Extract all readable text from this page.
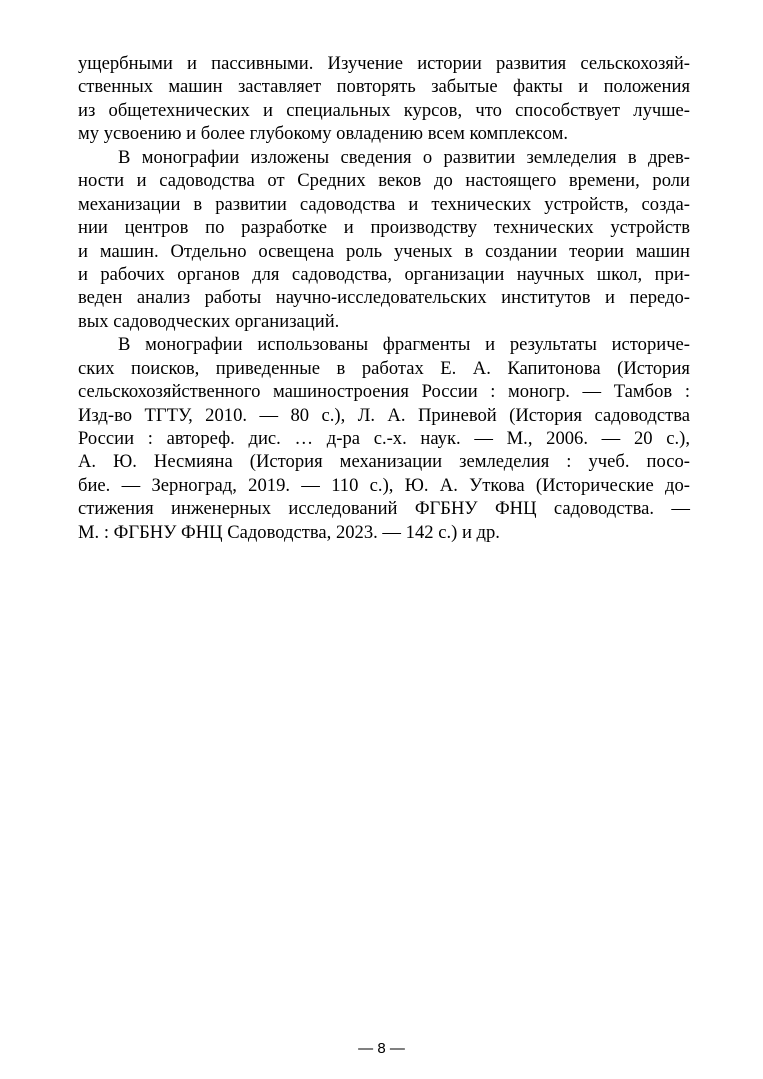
ущербными и пассивными. Изучение истории развития сельскохозяй-
ственных машин заставляет повторять забытые факты и положения
из общетехнических и специальных курсов, что способствует лучше-
му усвоению и более глубокому овладению всем комплексом.
В монографии изложены сведения о развитии земледелия в древ-
ности и садоводства от Средних веков до настоящего времени, роли
механизации в развитии садоводства и технических устройств, созда-
нии центров по разработке и производству технических устройств
и машин. Отдельно освещена роль ученых в создании теории машин
и рабочих органов для садоводства, организации научных школ, при-
веден анализ работы научно-исследовательских институтов и передо-
вых садоводческих организаций.
В монографии использованы фрагменты и результаты историче-
ских поисков, приведенные в работах Е. А. Капитонова (История
сельскохозяйственного машиностроения России : моногр. — Тамбов :
Изд-во ТГТУ, 2010. — 80 с.), Л. А. Приневой (История садоводства
России : автореф. дис. … д-ра с.-х. наук. — М., 2006. — 20 с.),
А. Ю. Несмияна (История механизации земледелия : учеб. посо-
бие. — Зерноград, 2019. — 110 с.), Ю. А. Уткова (Исторические до-
стижения инженерных исследований ФГБНУ ФНЦ садоводства. —
М. : ФГБНУ ФНЦ Садоводства, 2023. — 142 с.) и др.
— 8 —
